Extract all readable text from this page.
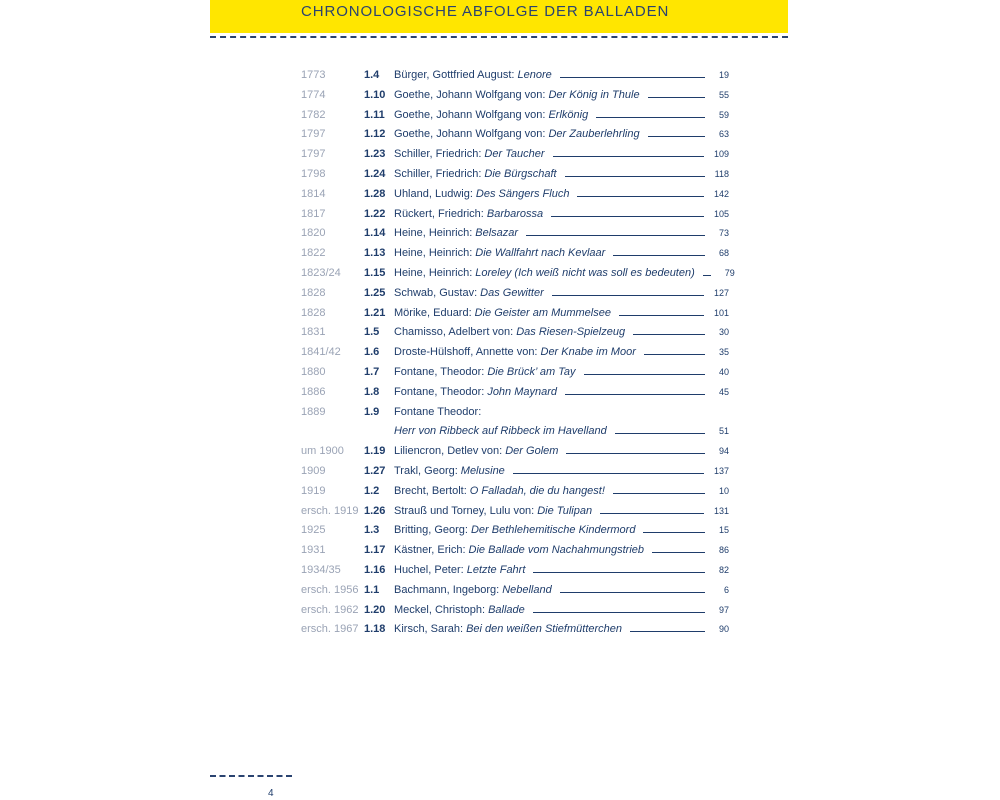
CHRONOLOGISCHE ABFOLGE DER BALLADEN
1773	1.4 Bürger, Gottfried August: Lenore	19
1774	1.10 Goethe, Johann Wolfgang von: Der König in Thule	55
1782	1.11 Goethe, Johann Wolfgang von: Erlkönig	59
1797	1.12 Goethe, Johann Wolfgang von: Der Zauberlehrling	63
1797	1.23 Schiller, Friedrich: Der Taucher	109
1798	1.24 Schiller, Friedrich: Die Bürgschaft	118
1814	1.28 Uhland, Ludwig: Des Sängers Fluch	142
1817	1.22 Rückert, Friedrich: Barbarossa	105
1820	1.14 Heine, Heinrich: Belsazar	73
1822	1.13 Heine, Heinrich: Die Wallfahrt nach Kevlaar	68
1823/24 1.15 Heine, Heinrich: Loreley (Ich weiß nicht was soll es bedeuten)	79
1828	1.25 Schwab, Gustav: Das Gewitter	127
1828	1.21 Mörike, Eduard: Die Geister am Mummelsee	101
1831	1.5 Chamisso, Adelbert von: Das Riesen-Spielzeug	30
1841/42 1.6 Droste-Hülshoff, Annette von: Der Knabe im Moor	35
1880	1.7 Fontane, Theodor: Die Brück’ am Tay	40
1886	1.8 Fontane, Theodor: John Maynard	45
1889	1.9 Fontane Theodor:
Herr von Ribbeck auf Ribbeck im Havelland	51
um 1900 1.19 Liliencron, Detlev von: Der Golem	94
1909	1.27 Trakl, Georg: Melusine	137
1919	1.2 Brecht, Bertolt: O Falladah, die du hangest!	10
ersch. 1919 1.26 Strauß und Torney, Lulu von: Die Tulipan	131
1925	1.3 Britting, Georg: Der Bethlehemitische Kindermord	15
1931	1.17 Kästner, Erich: Die Ballade vom Nachahmungstrieb	86
1934/35 1.16 Huchel, Peter: Letzte Fahrt	82
ersch. 1956 1.1 Bachmann, Ingeborg: Nebelland	6
ersch. 1962 1.20 Meckel, Christoph: Ballade	97
ersch. 1967 1.18 Kirsch, Sarah: Bei den weißen Stiefmütterchen	90
4
